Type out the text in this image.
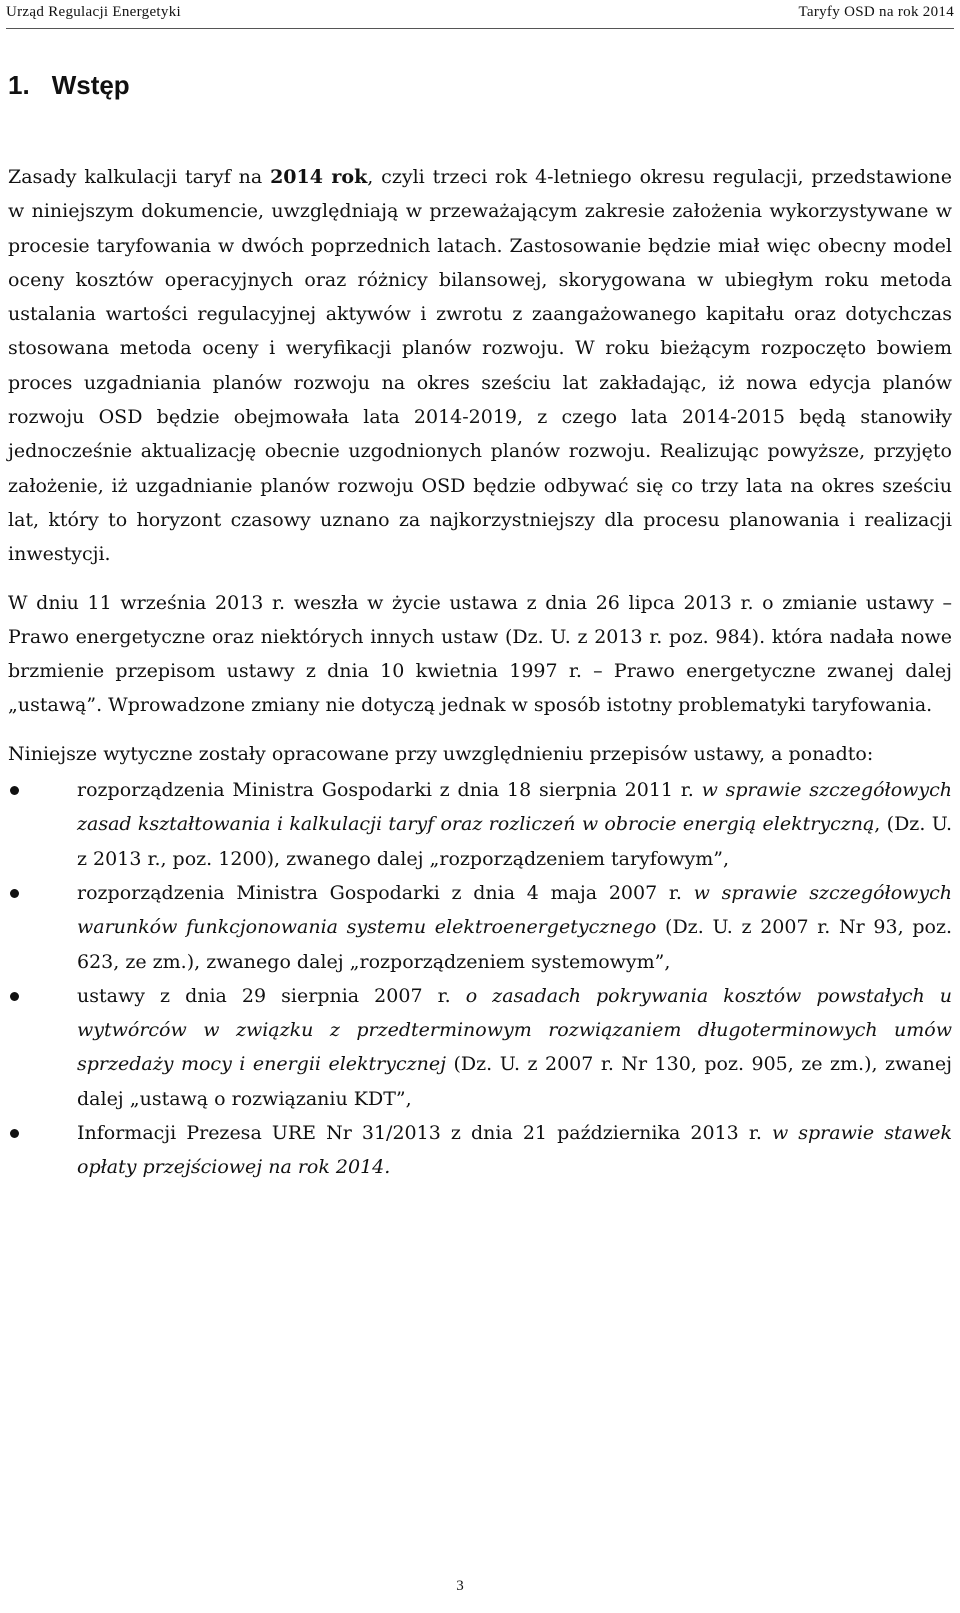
Urząd Regulacji Energetyki	Taryfy OSD na rok 2014
1. Wstęp

Zasady kalkulacji taryf na 2014 rok, czyli trzeci rok 4-letniego okresu regulacji, przedstawione w niniejszym dokumencie, uwzględniają w przeważającym zakresie założenia wykorzystywane w procesie taryfowania w dwóch poprzednich latach. Zastosowanie będzie miał więc obecny model oceny kosztów operacyjnych oraz różnicy bilansowej, skorygowana w ubiegłym roku metoda ustalania wartości regulacyjnej aktywów i zwrotu z zaangażowanego kapitału oraz dotychczas stosowana metoda oceny i weryfikacji planów rozwoju. W roku bieżącym rozpoczęto bowiem proces uzgadniania planów rozwoju na okres sześciu lat zakładając, iż nowa edycja planów rozwoju OSD będzie obejmowała lata 2014-2019, z czego lata 2014-2015 będą stanowiły jednocześnie aktualizację obecnie uzgodnionych planów rozwoju. Realizując powyższe, przyjęto założenie, iż uzgadnianie planów rozwoju OSD będzie odbywać się co trzy lata na okres sześciu lat, który to horyzont czasowy uznano za najkorzystniejszy dla procesu planowania i realizacji inwestycji.

W dniu 11 września 2013 r. weszła w życie ustawa z dnia 26 lipca 2013 r. o zmianie ustawy – Prawo energetyczne oraz niektórych innych ustaw (Dz. U. z 2013 r. poz. 984). która nadała nowe brzmienie przepisom ustawy z dnia 10 kwietnia 1997 r. – Prawo energetyczne zwanej dalej „ustawą”. Wprowadzone zmiany nie dotyczą jednak w sposób istotny problematyki taryfowania.

Niniejsze wytyczne zostały opracowane przy uwzględnieniu przepisów ustawy, a ponadto:

rozporządzenia Ministra Gospodarki z dnia 18 sierpnia 2011 r. w sprawie szczegółowych zasad kształtowania i kalkulacji taryf oraz rozliczeń w obrocie energią elektryczną, (Dz. U. z 2013 r., poz. 1200), zwanego dalej „rozporządzeniem taryfowym”,
rozporządzenia Ministra Gospodarki z dnia 4 maja 2007 r. w sprawie szczegółowych warunków funkcjonowania systemu elektroenergetycznego (Dz. U. z 2007 r. Nr 93, poz. 623, ze zm.), zwanego dalej „rozporządzeniem systemowym”,
ustawy z dnia 29 sierpnia 2007 r. o zasadach pokrywania kosztów powstałych u wytwórców w związku z przedterminowym rozwiązaniem długoterminowych umów sprzedaży mocy i energii elektrycznej (Dz. U. z 2007 r. Nr 130, poz. 905, ze zm.), zwanej dalej „ustawą o rozwiązaniu KDT”,
Informacji Prezesa URE Nr 31/2013 z dnia 21 października 2013 r. w sprawie stawek opłaty przejściowej na rok 2014.
3
